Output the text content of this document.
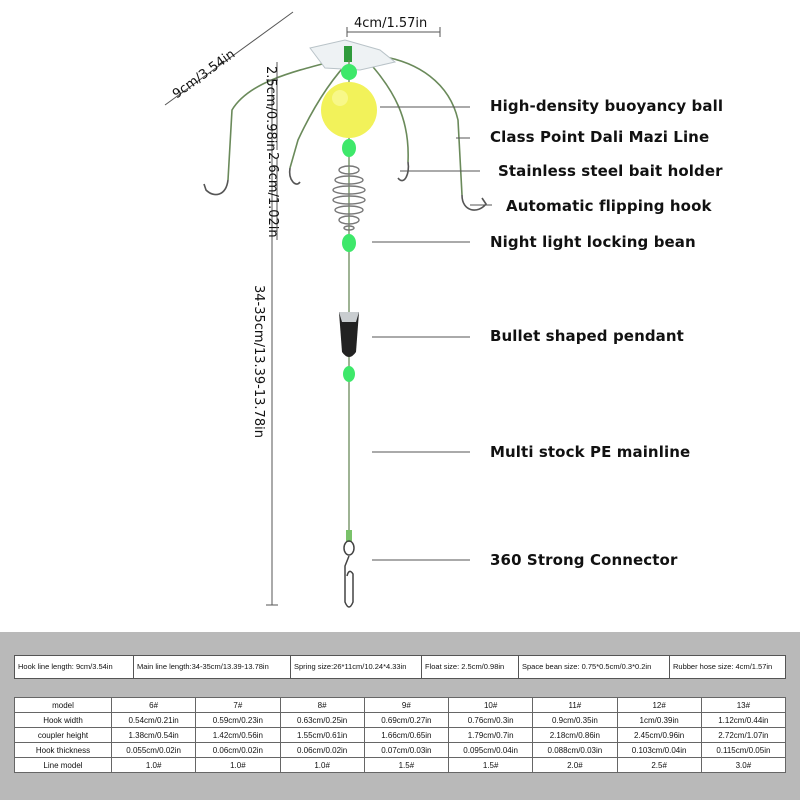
4cm/1.57in
9cm/3.54in 2.5cm/0.98in
2.6cm/1.02in
34-35cm/13.39-13.78in
High-density buoyancy ball
Class Point Dali Mazi Line
Stainless steel bait holder
Automatic flipping hook
Night light locking bean
Bullet shaped pendant
Multi stock PE mainline
360 Strong Connector
Hook line length: 9cm/3.54in	Main line length:34-35cm/13.39-13.78in	Spring size:26*11cm/10.24*4.33in	Float size: 2.5cm/0.98in	Space bean size: 0.75*0.5cm/0.3*0.2in	Rubber hose size: 4cm/1.57in
model	6#	7#	8#	9#	10#	11#	12#	13#
Hook width	0.54cm/0.21in	0.59cm/0.23in	0.63cm/0.25in	0.69cm/0.27in	0.76cm/0.3in	0.9cm/0.35in	1cm/0.39in	1.12cm/0.44in
coupler height	1.38cm/0.54in	1.42cm/0.56in	1.55cm/0.61in	1.66cm/0.65in	1.79cm/0.7in	2.18cm/0.86in	2.45cm/0.96in	2.72cm/1.07in
Hook thickness	0.055cm/0.02in	0.06cm/0.02in	0.06cm/0.02in	0.07cm/0.03in	0.095cm/0.04in	0.088cm/0.03in	0.103cm/0.04in	0.115cm/0.05in
Line model	1.0#	1.0#	1.0#	1.5#	1.5#	2.0#	2.5#	3.0#
